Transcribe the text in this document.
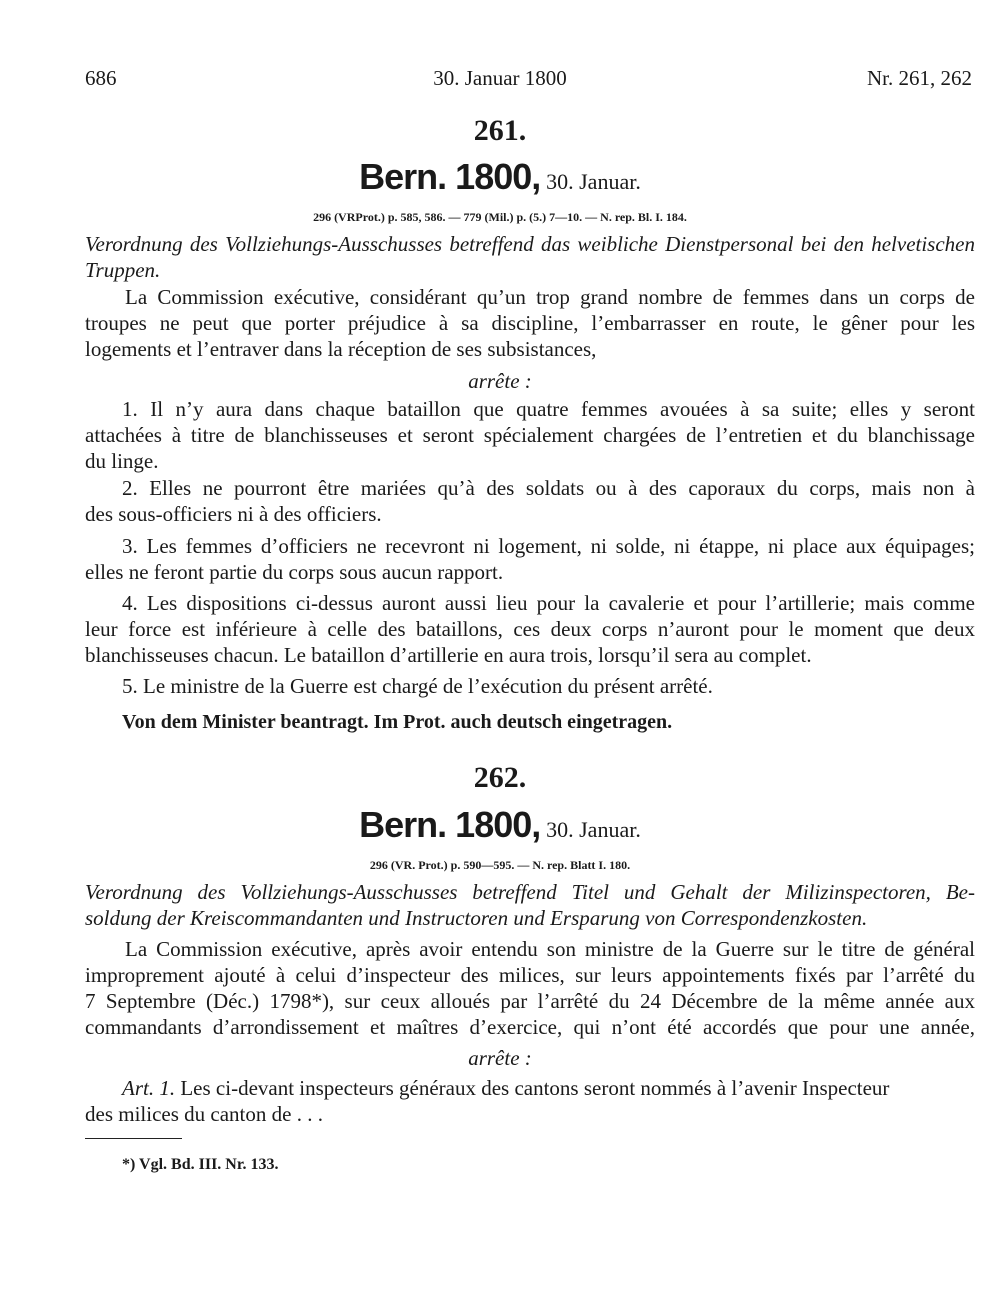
686	30. Januar 1800	Nr. 261, 262
261.
Bern. 1800, 30. Januar.
296 (VRProt.) p. 585, 586. — 779 (Mil.) p. (5.) 7—10. — N. rep. Bl. I. 184.
Verordnung des Vollziehungs-Ausschusses betreffend das weibliche Dienstpersonal bei den helvetischen
Truppen.
La Commission exécutive, considérant qu’un trop grand nombre de femmes dans un corps de
troupes ne peut que porter préjudice à sa discipline, l’embarrasser en route, le gêner pour les
logements et l’entraver dans la réception de ses subsistances,
arrête :
1. Il n’y aura dans chaque bataillon que quatre femmes avouées à sa suite; elles y seront
attachées à titre de blanchisseuses et seront spécialement chargées de l’entretien et du blanchissage
du linge.
2. Elles ne pourront être mariées qu’à des soldats ou à des caporaux du corps, mais non à
des sous-officiers ni à des officiers.
3. Les femmes d’officiers ne recevront ni logement, ni solde, ni étappe, ni place aux équipages;
elles ne feront partie du corps sous aucun rapport.
4. Les dispositions ci-dessus auront aussi lieu pour la cavalerie et pour l’artillerie; mais comme
leur force est inférieure à celle des bataillons, ces deux corps n’auront pour le moment que deux
blanchisseuses chacun. Le bataillon d’artillerie en aura trois, lorsqu’il sera au complet.
5. Le ministre de la Guerre est chargé de l’exécution du présent arrêté.
Von dem Minister beantragt. Im Prot. auch deutsch eingetragen.
262.
Bern. 1800, 30. Januar.
296 (VR. Prot.) p. 590—595. — N. rep. Blatt I. 180.
Verordnung des Vollziehungs-Ausschusses betreffend Titel und Gehalt der Milizinspectoren, Be-
soldung der Kreiscommandanten und Instructoren und Ersparung von Correspondenzkosten.
La Commission exécutive, après avoir entendu son ministre de la Guerre sur le titre de général
improprement ajouté à celui d’inspecteur des milices, sur leurs appointements fixés par l’arrêté du
7 Septembre (Déc.) 1798*), sur ceux alloués par l’arrêté du 24 Décembre de la même année aux
commandants d’arrondissement et maîtres d’exercice, qui n’ont été accordés que pour une année,
arrête :
Art. 1. Les ci-devant inspecteurs généraux des cantons seront nommés à l’avenir Inspecteur
des milices du canton de . . .
*) Vgl. Bd. III. Nr. 133.
